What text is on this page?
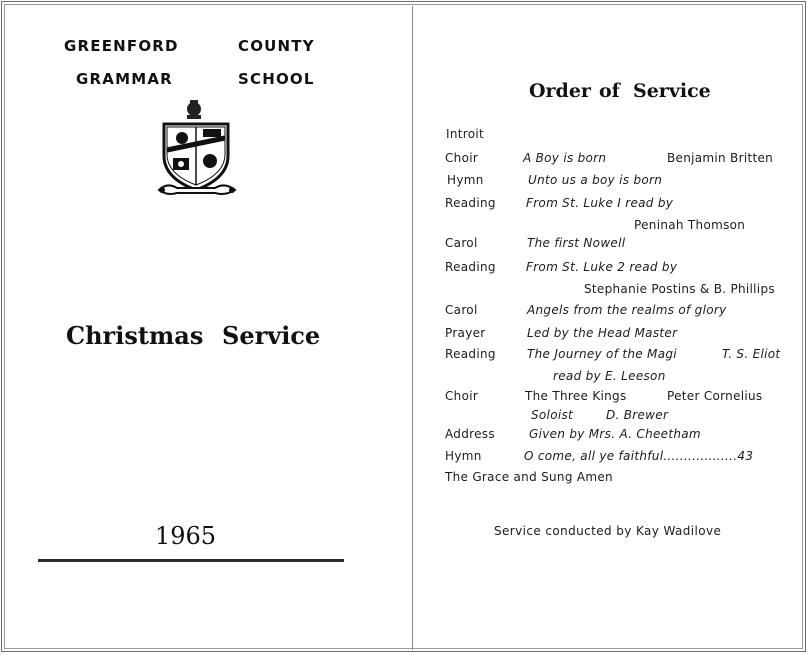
GREENFORD	COUNTY
GRAMMAR	SCHOOL
Christmas Service
1965
Order of Service
Introit
Choir	A Boy is born	Benjamin Britten
Hymn	Unto us a boy is born
Reading	From St. Luke I read by
Peninah Thomson
Carol	The first Nowell
Reading	From St. Luke 2 read by
Stephanie Postins & B. Phillips
Carol	Angels from the realms of glory
Prayer	Led by the Head Master
Reading	The Journey of the Magi	T. S. Eliot
read by E. Leeson
Choir	The Three Kings	Peter Cornelius
Soloist        D. Brewer
Address	Given by Mrs. A. Cheetham
Hymn	O come, all ye faithful..................43
The Grace and Sung Amen
Service conducted by Kay Wadilove
